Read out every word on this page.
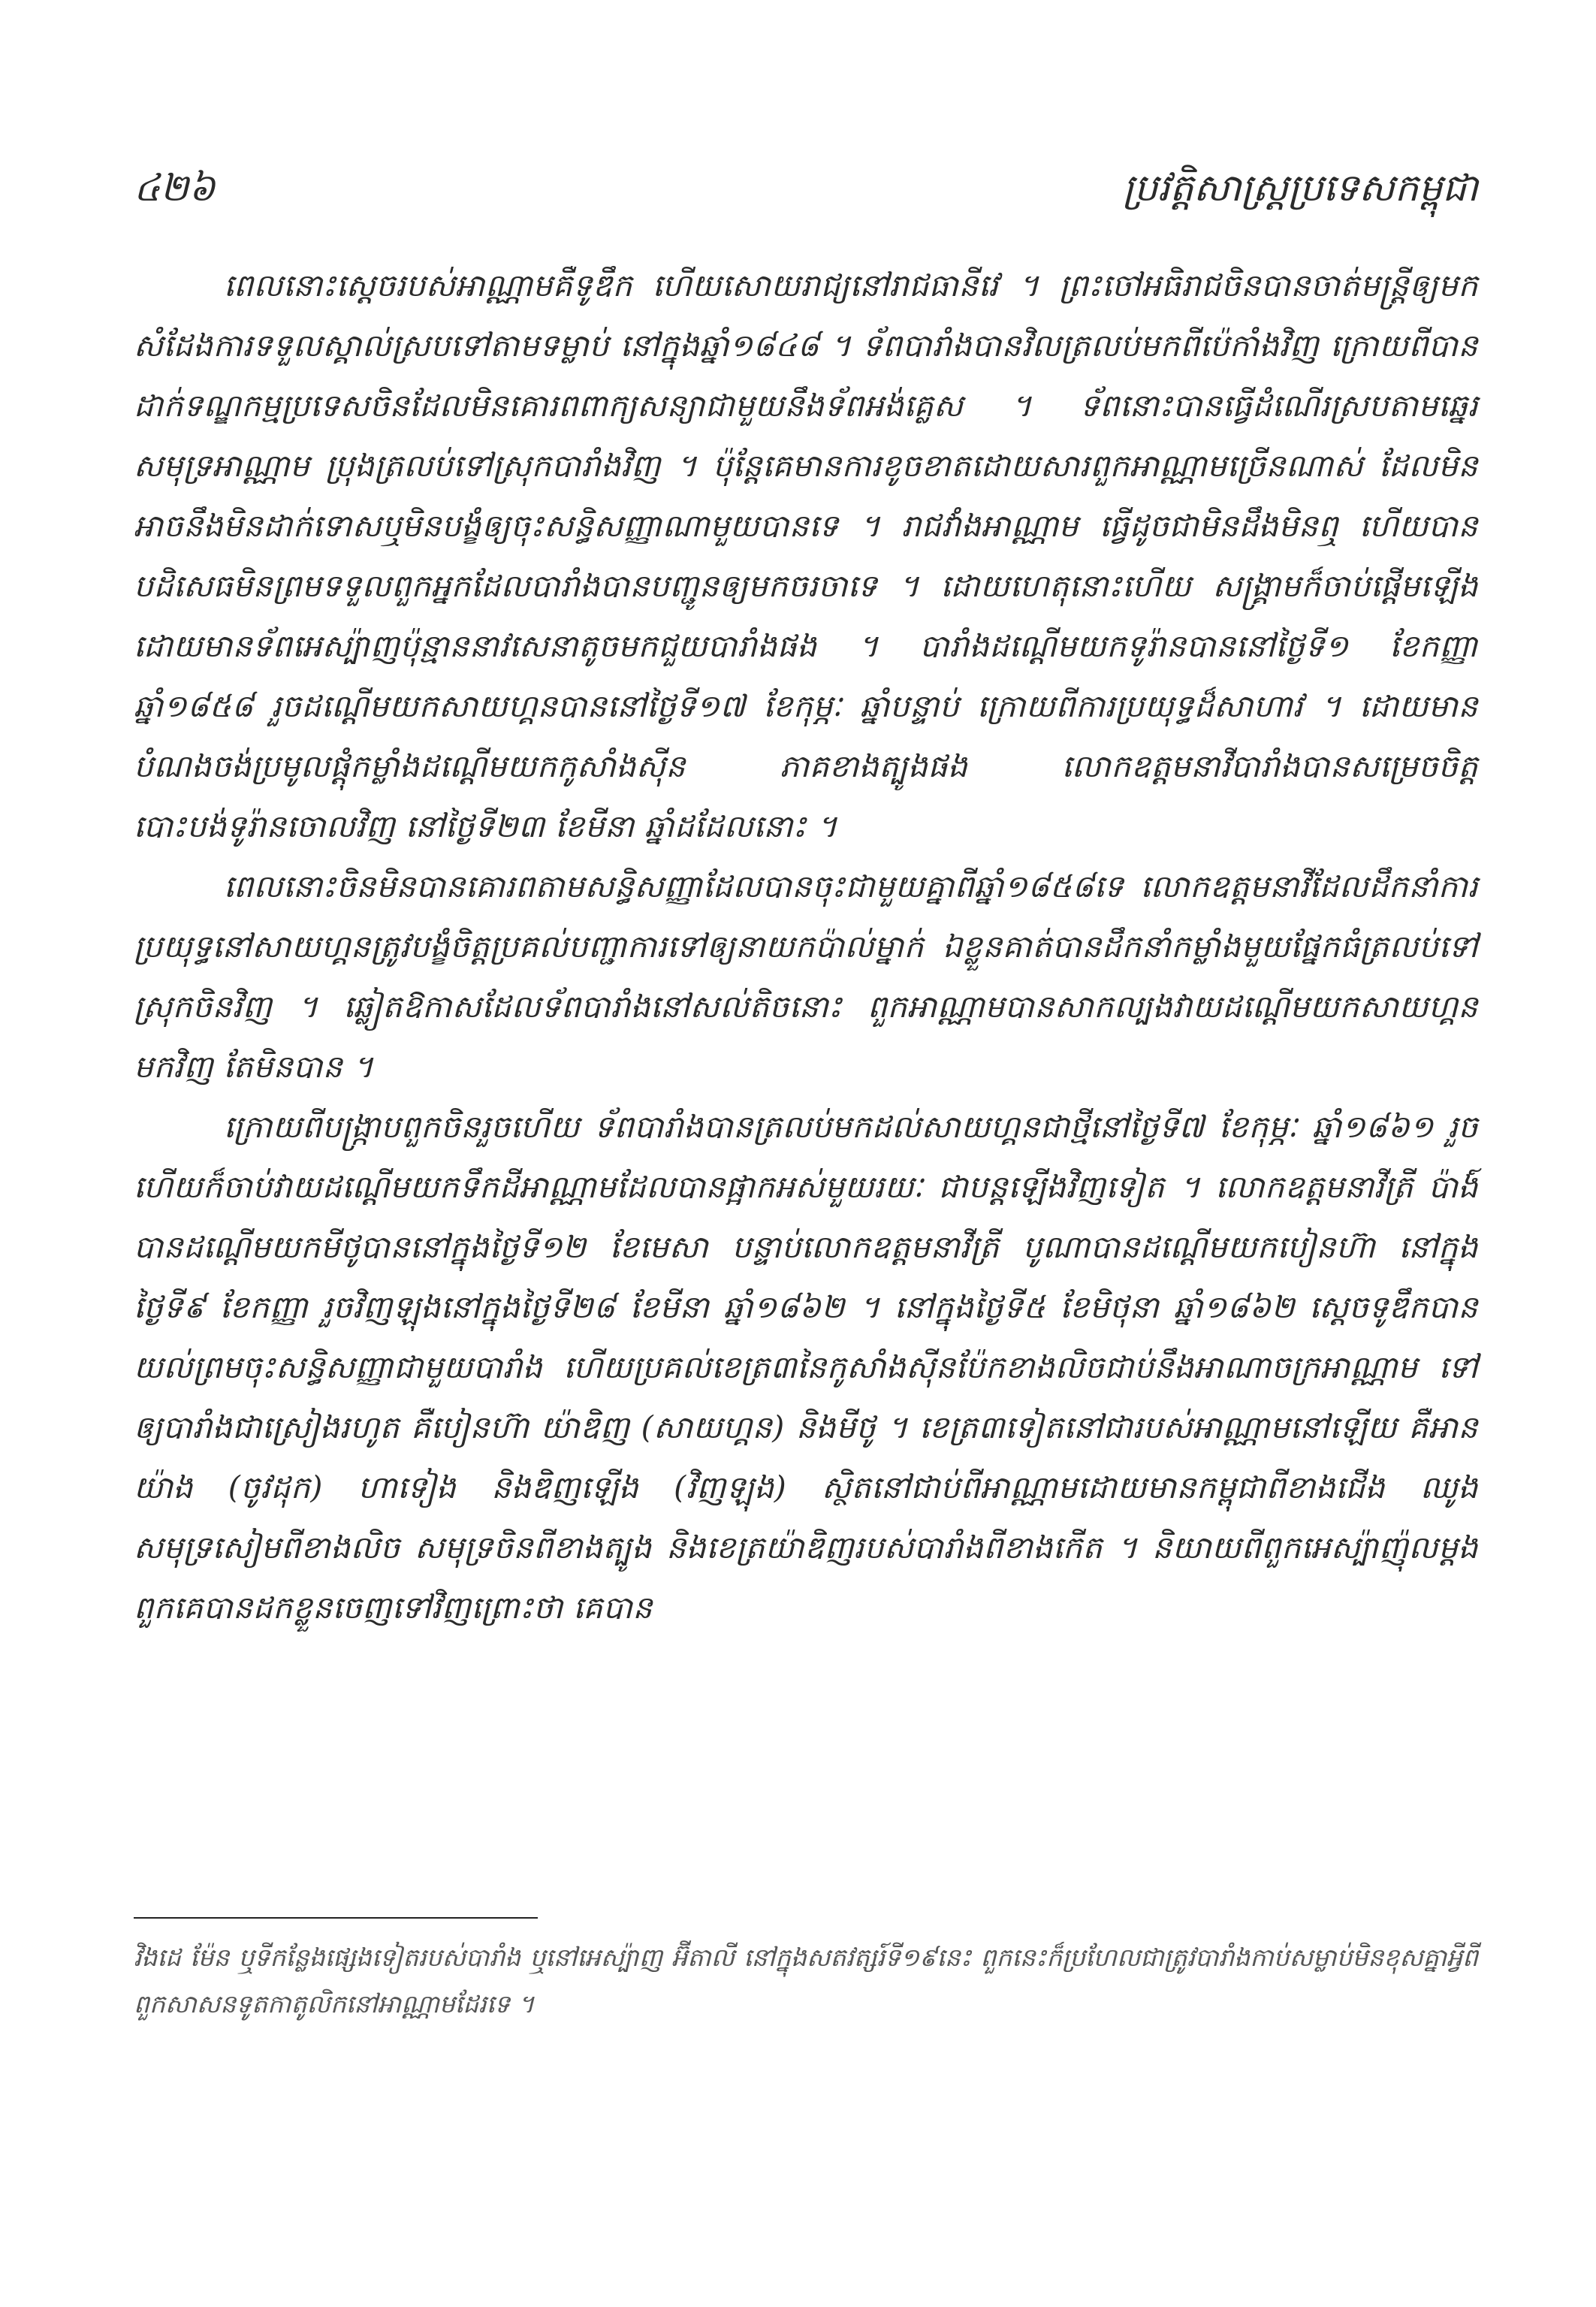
៤២៦	ប្រវត្តិសាស្ត្រប្រទេសកម្ពុជា

ពេលនោះស្តេចរបស់អាណ្ណាមគឺទូឌឹក ហើយសោយរាជ្យនៅរាជធានីវេ ។ ព្រះចៅអធិរាជចិនបានចាត់មន្ត្រីឲ្យមកសំដែងការទទួលស្គាល់ស្របទៅតាមទម្លាប់ នៅក្នុងឆ្នាំ១៨៤៨ ។ ទ័ពបារាំងបានវិលត្រលប់មកពីប៉េកាំងវិញ ក្រោយពីបានដាក់ទណ្ឌកម្មប្រទេសចិនដែលមិនគោរពពាក្យសន្យាជាមួយនឹងទ័ពអង់គ្លេស ។ ទ័ពនោះបានធ្វើដំណើរស្របតាមឆ្នេរសមុទ្រអាណ្ណាម ប្រុងត្រលប់ទៅស្រុកបារាំងវិញ ។ ប៉ុន្តែគេមានការខូចខាតដោយសារពួកអាណ្ណាមច្រើនណាស់ ដែលមិនអាចនឹងមិនដាក់ទោសឬមិនបង្ខំឲ្យចុះសន្ធិសញ្ញាណាមួយបានទេ ។ រាជវាំងអាណ្ណាម ធ្វើដូចជាមិនដឹងមិនឮ ហើយបានបដិសេធមិនព្រមទទួលពួកអ្នកដែលបារាំងបានបញ្ជូនឲ្យមកចរចាទេ ។ ដោយហេតុនោះហើយ សង្គ្រាមក៏ចាប់ផ្តើមឡើង ដោយមានទ័ពអេស្ប៉ាញប៉ុន្មាននាវសេនាតូចមកជួយបារាំងផង ។ បារាំងដណ្តើមយកទូរ៉ានបាននៅថ្ងៃទី១ ខែកញ្ញា ឆ្នាំ១៨៥៨ រួចដណ្តើមយកសាយហ្គនបាននៅថ្ងៃទី១៧ ខែកុម្ភៈ ឆ្នាំបន្ទាប់ ក្រោយពីការប្រយុទ្ធដ៏សាហាវ ។ ដោយមានបំណងចង់ប្រមូលផ្តុំកម្លាំងដណ្តើមយកកូសាំងស៊ីន ភាគខាងត្បូងផង លោកឧត្តមនាវីបារាំងបានសម្រេចចិត្តបោះបង់ទូរ៉ានចោលវិញ នៅថ្ងៃទី២៣ ខែមីនា ឆ្នាំដដែលនោះ ។

ពេលនោះចិនមិនបានគោរពតាមសន្ធិសញ្ញាដែលបានចុះជាមួយគ្នាពីឆ្នាំ១៨៥៨ទេ លោកឧត្តមនាវីដែលដឹកនាំការប្រយុទ្ធនៅសាយហ្គនត្រូវបង្ខំចិត្តប្រគល់បញ្ជាការទៅឲ្យនាយកប៉ាល់ម្នាក់ ឯខ្លួនគាត់បានដឹកនាំកម្លាំងមួយផ្នែកធំត្រលប់ទៅស្រុកចិនវិញ ។ ឆ្លៀតឱកាសដែលទ័ពបារាំងនៅសល់តិចនោះ ពួកអាណ្ណាមបានសាកល្បងវាយដណ្តើមយកសាយហ្គនមកវិញ តែមិនបាន ។

ក្រោយពីបង្ក្រាបពួកចិនរួចហើយ ទ័ពបារាំងបានត្រលប់មកដល់សាយហ្គនជាថ្មីនៅថ្ងៃទី៧ ខែកុម្ភៈ ឆ្នាំ១៨៦១ រួចហើយក៏ចាប់វាយដណ្តើមយកទឹកដីអាណ្ណាមដែលបានផ្អាកអស់មួយរយៈ ជាបន្តឡើងវិញទៀត ។ លោកឧត្តមនាវីត្រី ប៉ាង៍ បានដណ្តើមយកមីថូបាននៅក្នុងថ្ងៃទី១២ ខែមេសា បន្ទាប់លោកឧត្តមនាវីត្រី បូណាបានដណ្តើមយកបៀនហ៊ា នៅក្នុងថ្ងៃទី៩ ខែកញ្ញា រួចវិញឡុងនៅក្នុងថ្ងៃទី២៨ ខែមីនា ឆ្នាំ១៨៦២ ។ នៅក្នុងថ្ងៃទី៥ ខែមិថុនា ឆ្នាំ១៨៦២ ស្តេចទូឌឹកបានយល់ព្រមចុះសន្ធិសញ្ញាជាមួយបារាំង ហើយប្រគល់ខេត្រ៣នៃកូសាំងស៊ីនប៉ែកខាងលិចជាប់នឹងអាណាចក្រអាណ្ណាម ទៅឲ្យបារាំងជាស្រៀងរហូត គឺបៀនហ៊ា យ៉ាឌិញ (សាយហ្គន) និងមីថូ ។ ខេត្រ៣ទៀតនៅជារបស់អាណ្ណាមនៅឡើយ គឺអានយ៉ាង (ចូវដុក) ហាទៀង និងឌិញឡើង (វិញឡុង) ស្ថិតនៅជាប់ពីអាណ្ណាមដោយមានកម្ពុជាពីខាងជើង ឈូងសមុទ្រសៀមពីខាងលិច សមុទ្រចិនពីខាងត្បូង និងខេត្រយ៉ាឌិញរបស់បារាំងពីខាងកើត ។ និយាយពីពួកអេស្ប៉ាញ៉ុលម្តង ពួកគេបានដកខ្លួនចេញទៅវិញព្រោះថា គេបាន

វិងដេ ម៉ែន ឬទីកន្លែងផ្សេងទៀតរបស់បារាំង ឬនៅអេស្ប៉ាញ អ៊ីតាលី នៅក្នុងសតវត្សរ៍ទី១៩នេះ ពួកនេះក៏ប្រហែលជាត្រូវបារាំងកាប់សម្លាប់មិនខុសគ្នាអ្វីពីពួកសាសនទូតកាតូលិកនៅអាណ្ណាមដែរទេ ។
